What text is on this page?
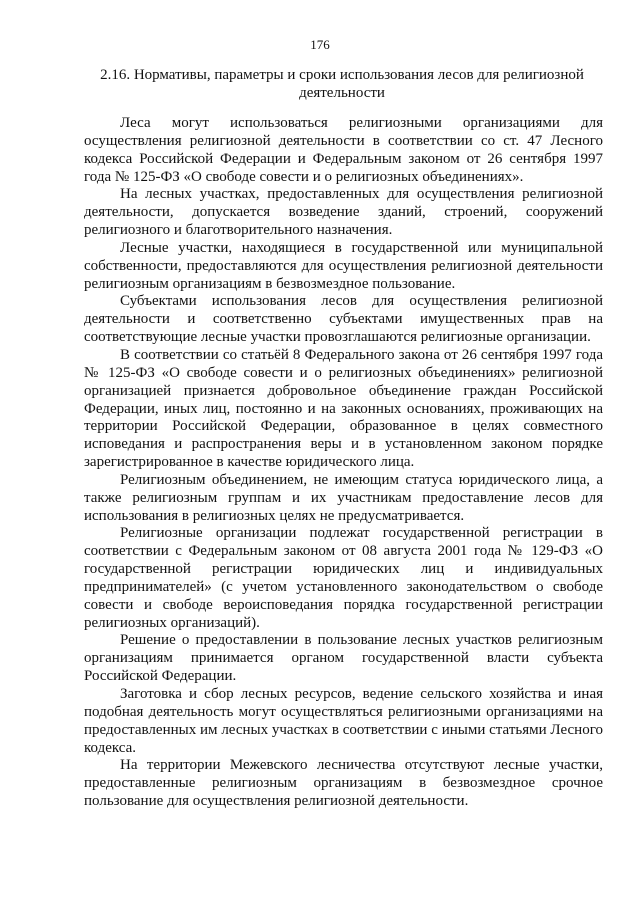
176
2.16. Нормативы, параметры и сроки использования лесов для религиозной деятельности

Леса могут использоваться религиозными организациями для осуществления религиозной деятельности в соответствии со ст. 47 Лесного кодекса Российской Федерации и Федеральным законом от 26 сентября 1997 года № 125-ФЗ «О свободе совести и о религиозных объединениях».

На лесных участках, предоставленных для осуществления религиозной деятельности, допускается возведение зданий, строений, сооружений религиозного и благотворительного назначения.

Лесные участки, находящиеся в государственной или муниципальной собственности, предоставляются для осуществления религиозной деятельности религиозным организациям в безвозмездное пользование.

Субъектами использования лесов для осуществления религиозной деятельности и соответственно субъектами имущественных прав на соответствующие лесные участки провозглашаются религиозные организации.

В соответствии со статьёй 8 Федерального закона от 26 сентября 1997 года № 125-ФЗ «О свободе совести и о религиозных объединениях» религиозной организацией признается добровольное объединение граждан Российской Федерации, иных лиц, постоянно и на законных основаниях, проживающих на территории Российской Федерации, образованное в целях совместного исповедания и распространения веры и в установленном законом порядке зарегистрированное в качестве юридического лица.

Религиозным объединением, не имеющим статуса юридического лица, а также религиозным группам и их участникам предоставление лесов для использования в религиозных целях не предусматривается.

Религиозные организации подлежат государственной регистрации в соответствии с Федеральным законом от 08 августа 2001 года № 129-ФЗ «О государственной регистрации юридических лиц и индивидуальных предпринимателей» (с учетом установленного законодательством о свободе совести и свободе вероисповедания порядка государственной регистрации религиозных организаций).

Решение о предоставлении в пользование лесных участков религиозным организациям принимается органом государственной власти субъекта Российской Федерации.

Заготовка и сбор лесных ресурсов, ведение сельского хозяйства и иная подобная деятельность могут осуществляться религиозными организациями на предоставленных им лесных участках в соответствии с иными статьями Лесного кодекса.

На территории Межевского лесничества отсутствуют лесные участки, предоставленные религиозным организациям в безвозмездное срочное пользование для осуществления религиозной деятельности.
